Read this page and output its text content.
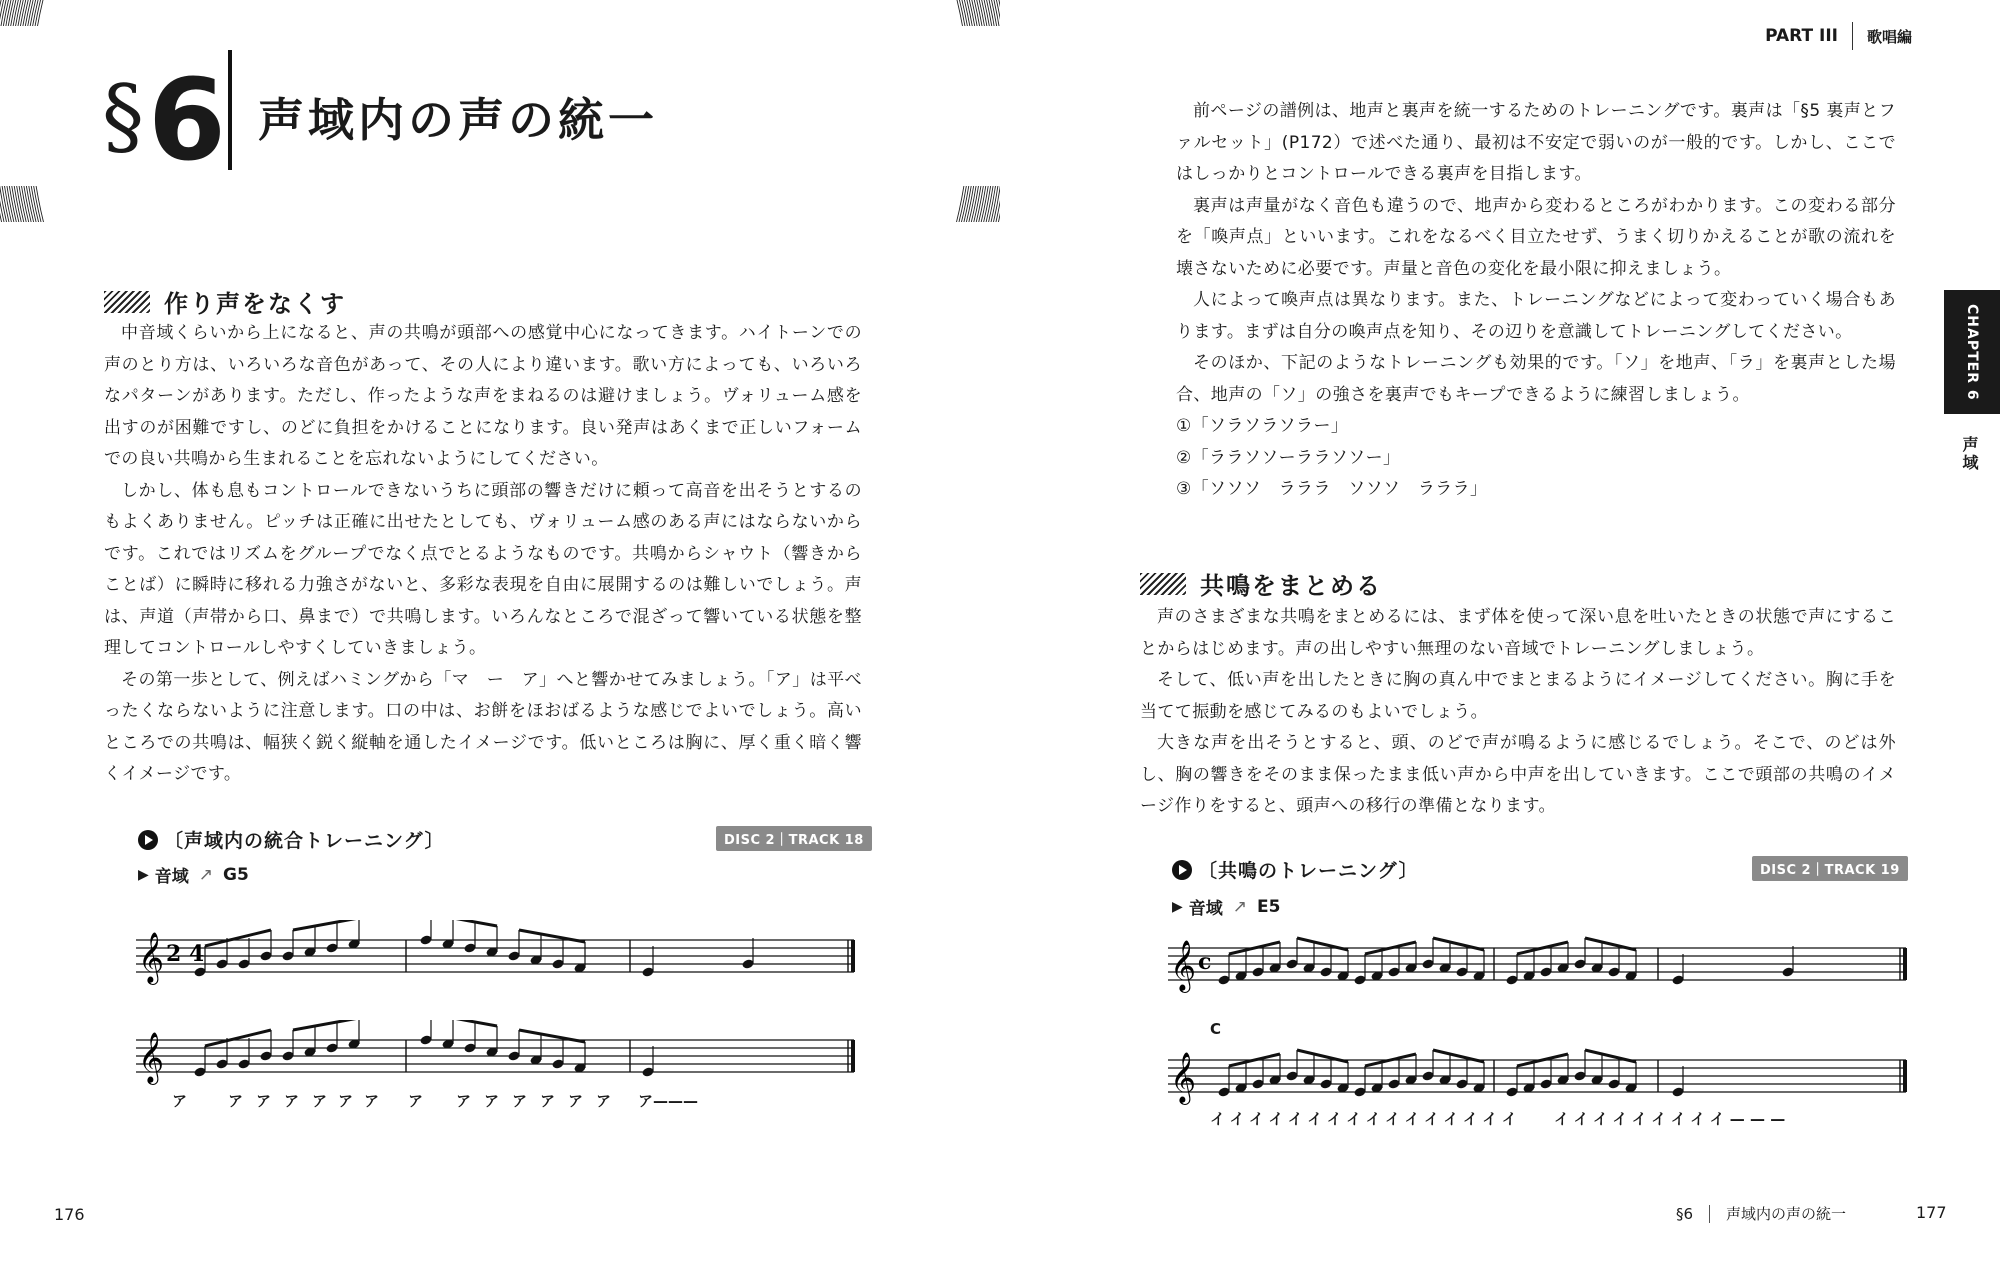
§6 声域内の声の統一
作り声をなくす

中音域くらいから上になると、声の共鳴が頭部への感覚中心になってきます。ハイトーンでの声のとり方は、いろいろな音色があって、その人により違います。歌い方によっても、いろいろなパターンがあります。ただし、作ったような声をまねるのは避けましょう。ヴォリューム感を出すのが困難ですし、のどに負担をかけることになります。良い発声はあくまで正しいフォームでの良い共鳴から生まれることを忘れないようにしてください。

しかし、体も息もコントロールできないうちに頭部の響きだけに頼って高音を出そうとするのもよくありません。ピッチは正確に出せたとしても、ヴォリューム感のある声にはならないからです。これではリズムをグループでなく点でとるようなものです。共鳴からシャウト（響きからことば）に瞬時に移れる力強さがないと、多彩な表現を自由に展開するのは難しいでしょう。声は、声道（声帯から口、鼻まで）で共鳴します。いろんなところで混ざって響いている状態を整理してコントロールしやすくしていきましょう。

その第一歩として、例えばハミングから「マ　ー　ア」へと響かせてみましょう。「ア」は平べったくならないように注意します。口の中は、お餅をほおばるような感じでよいでしょう。高いところでの共鳴は、幅狭く鋭く縦軸を通したイメージです。低いところは胸に、厚く重く暗く響くイメージです。

〔声域内の統合トレーニング〕	DISC 2｜TRACK 18
▶ 音域 ↗ G5
𝄞 2 4
𝄞
ア	ア ア ア ア ア ア ア ア ア ア ア ア ア ア———
176
PART III 歌唱編
CHAPTER 6
声域

前ページの譜例は、地声と裏声を統一するためのトレーニングです。裏声は「§5 裏声とファルセット」(P172）で述べた通り、最初は不安定で弱いのが一般的です。しかし、ここではしっかりとコントロールできる裏声を目指します。

裏声は声量がなく音色も違うので、地声から変わるところがわかります。この変わる部分を「喚声点」といいます。これをなるべく目立たせず、うまく切りかえることが歌の流れを壊さないために必要です。声量と音色の変化を最小限に抑えましょう。

人によって喚声点は異なります。また、トレーニングなどによって変わっていく場合もあります。まずは自分の喚声点を知り、その辺りを意識してトレーニングしてください。

そのほか、下記のようなトレーニングも効果的です。「ソ」を地声、「ラ」を裏声とした場合、地声の「ソ」の強さを裏声でもキープできるように練習しましょう。

①「ソラソラソラー」
②「ララソソーララソソー」
③「ソソソ　ラララ　ソソソ　ラララ」
共鳴をまとめる

声のさまざまな共鳴をまとめるには、まず体を使って深い息を吐いたときの状態で声にすることからはじめます。声の出しやすい無理のない音域でトレーニングしましょう。

そして、低い声を出したときに胸の真ん中でまとまるようにイメージしてください。胸に手を当てて振動を感じてみるのもよいでしょう。

大きな声を出そうとすると、頭、のどで声が鳴るように感じるでしょう。そこで、のどは外し、胸の響きをそのまま保ったまま低い声から中声を出していきます。ここで頭部の共鳴のイメージ作りをすると、頭声への移行の準備となります。

〔共鳴のトレーニング〕	DISC 2｜TRACK 19
▶ 音域 ↗ E5
𝄞 c
C
𝄞
イイイイイイイイイイイイイイイイ イイイイイイイイイ———
§6 声域内の声の統一	177
